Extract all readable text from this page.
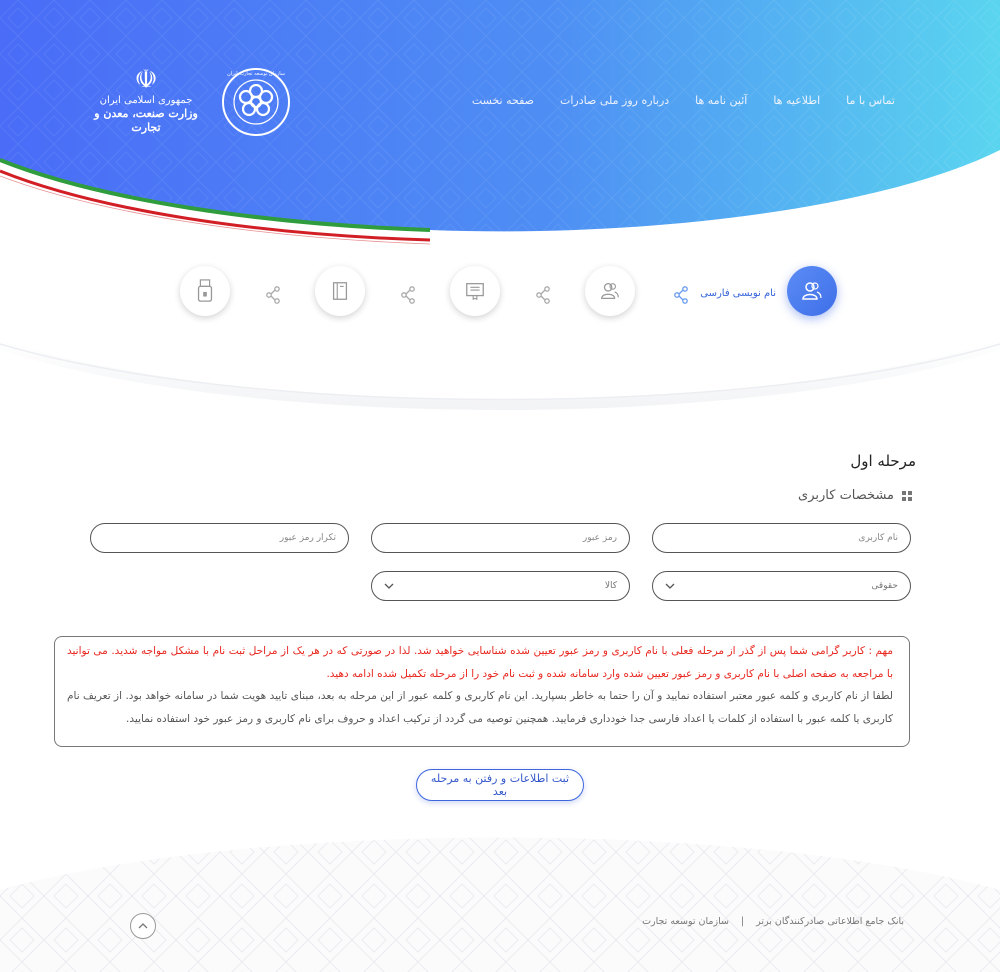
☫
جمهوری اسلامی ایران
وزارت صنعت، معدن و تجارت
سازمان توسعه تجارت ایران
صفحه نخست	درباره روز ملی صادرات	آئین نامه ها	اطلاعیه ها	تماس با ما
نام نویسی فارسی
مرحله اول
مشخصات کاربری
نام کاربری
حقوقی
کالا
مهم : کاربر گرامی شما پس از گذر از مرحله فعلی با نام کاربری و رمز عبور تعیین شده شناسایی خواهید شد. لذا در صورتی که در هر یک از مراحل ثبت نام با مشکل مواجه شدید. می توانید با مراجعه به صفحه اصلی با نام کاربری و رمز عبور تعیین شده وارد سامانه شده و ثبت نام خود را از مرحله تکمیل شده ادامه دهید.
لطفا از نام کاربری و کلمه عبور معتبر استفاده نمایید و آن را حتما به خاطر بسپارید. این نام کاربری و کلمه عبور از این مرحله به بعد، مبنای تایید هویت شما در سامانه خواهد بود. از تعریف نام کاربری یا کلمه عبور با استفاده از کلمات یا اعداد فارسی جدا خودداری فرمایید. همچنین توصیه می گردد از ترکیب اعداد و حروف برای نام کاربری و رمز عبور خود استفاده نمایید.
ثبت اطلاعات و رفتن به مرحله بعد
بانک جامع اطلاعاتی صادرکنندگان برتر
|
سازمان توسعه تجارت
